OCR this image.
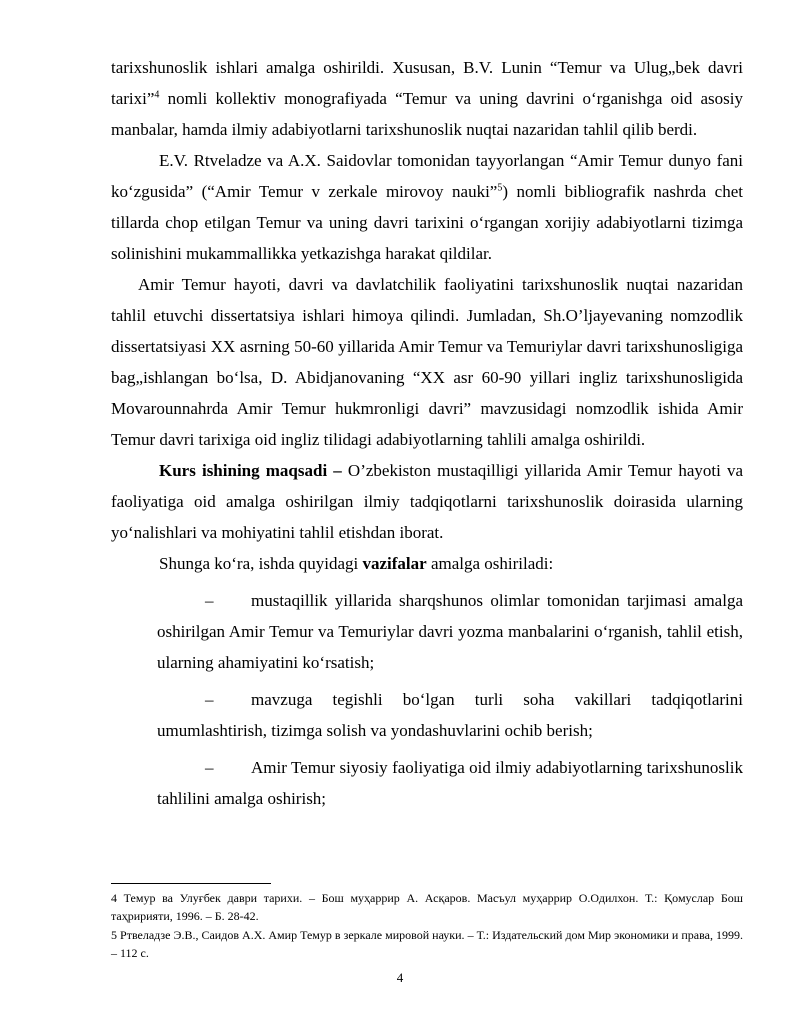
tarixshunoslik ishlari amalga oshirildi. Xususan, B.V. Lunin “Temur va Ulug„bek davri tarixi”$^4$ nomli kollektiv monografiyada “Temur va uning davrini o‘rganishga oid asosiy manbalar, hamda ilmiy adabiyotlarni tarixshunoslik nuqtai nazaridan tahlil qilib berdi.

E.V. Rtveladze va A.X. Saidovlar tomonidan tayyorlangan “Amir Temur dunyo fani ko‘zgusida” (“Amir Temur v zerkale mirovoy nauki”$^5$) nomli bibliografik nashrda chet tillarda chop etilgan Temur va uning davri tarixini o‘rgangan xorijiy adabiyotlarni tizimga solinishini mukammallikka yetkazishga harakat qildilar.

Amir Temur hayoti, davri va davlatchilik faoliyatini tarixshunoslik nuqtai nazaridan tahlil etuvchi dissertatsiya ishlari himoya qilindi. Jumladan, Sh.O’ljayevaning nomzodlik dissertatsiyasi XX asrning 50-60 yillarida Amir Temur va Temuriylar davri tarixshunosligiga bag„ishlangan bo‘lsa, D. Abidjanovaning “XX asr 60-90 yillari ingliz tarixshunosligida Movarounnahrda Amir Temur hukmronligi davri” mavzusidagi nomzodlik ishida Amir Temur davri tarixiga oid ingliz tilidagi adabiyotlarning tahlili amalga oshirildi.

Kurs ishining maqsadi – O’zbekiston mustaqilligi yillarida Amir Temur hayoti va faoliyatiga oid amalga oshirilgan ilmiy tadqiqotlarni tarixshunoslik doirasida ularning yo‘nalishlari va mohiyatini tahlil etishdan iborat.

Shunga ko‘ra, ishda quyidagi vazifalar amalga oshiriladi:

– mustaqillik yillarida sharqshunos olimlar tomonidan tarjimasi amalga oshirilgan Amir Temur va Temuriylar davri yozma manbalarini o‘rganish, tahlil etish, ularning ahamiyatini ko‘rsatish;

– mavzuga tegishli bo‘lgan turli soha vakillari tadqiqotlarini umumlashtirish, tizimga solish va yondashuvlarini ochib berish;

– Amir Temur siyosiy faoliyatiga oid ilmiy adabiyotlarning tarixshunoslik tahlilini amalga oshirish;

4 Темур ва Улуғбек даври тарихи. – Бош муҳаррир А. Асқаров. Масъул муҳаррир О.Одилхон. Т.: Қомуслар Бош таҳририяти, 1996. – Б. 28-42.

5 Ртвеладзе Э.В., Саидов А.Х. Амир Темур в зеркале мировой науки. – Т.: Издательский дом Мир экономики и права, 1999. – 112 с.

4
